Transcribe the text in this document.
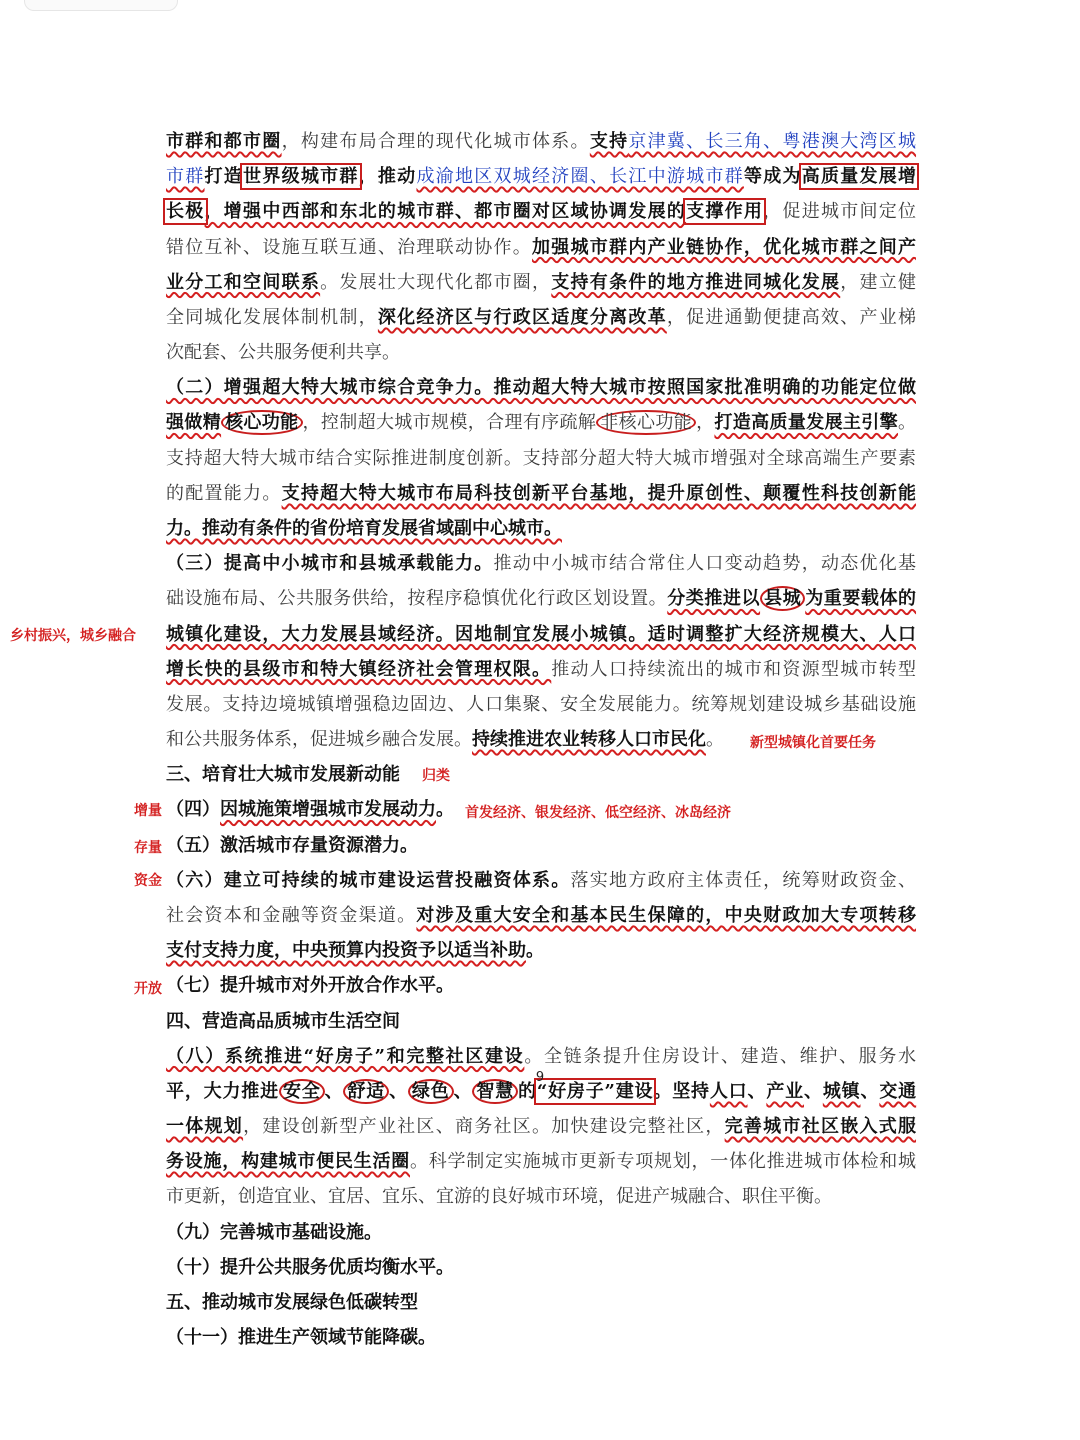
市群和都市圈，构建布局合理的现代化城市体系。支持京津冀、长三角、粤港澳大湾区城
市群打造世界级城市群，推动成渝地区双城经济圈、长江中游城市群等成为高质量发展增
长极，增强中西部和东北的城市群、都市圈对区域协调发展的支撑作用，促进城市间定位
错位互补、设施互联互通、治理联动协作。加强城市群内产业链协作，优化城市群之间产
业分工和空间联系。发展壮大现代化都市圈，支持有条件的地方推进同城化发展，建立健
全同城化发展体制机制，深化经济区与行政区适度分离改革，促进通勤便捷高效、产业梯
次配套、公共服务便利共享。
（二）增强超大特大城市综合竞争力。推动超大特大城市按照国家批准明确的功能定位做
强做精 核心功能 ，控制超大城市规模，合理有序疏解 非核心功能 ，打造高质量发展主引擎。
支持超大特大城市结合实际推进制度创新。支持部分超大特大城市增强对全球高端生产要素
的配置能力。支持超大特大城市布局科技创新平台基地，提升原创性、颠覆性科技创新能
力。推动有条件的省份培育发展省域副中心城市。
（三）提高中小城市和县城承载能力。推动中小城市结合常住人口变动趋势，动态优化基
础设施布局、公共服务供给，按程序稳慎优化行政区划设置。分类推进以 县城 为重要载体的
城镇化建设，大力发展县域经济。因地制宜发展小城镇。适时调整扩大经济规模大、人口
增长快的县级市和特大镇经济社会管理权限。推动人口持续流出的城市和资源型城市转型
发展。支持边境城镇增强稳边固边、人口集聚、安全发展能力。统筹规划建设城乡基础设施
和公共服务体系，促进城乡融合发展。持续推进农业转移人口市民化。
三、培育壮大城市发展新动能
（四）因城施策增强城市发展动力。
（五）激活城市存量资源潜力。
（六）建立可持续的城市建设运营投融资体系。落实地方政府主体责任，统筹财政资金、
社会资本和金融等资金渠道。对涉及重大安全和基本民生保障的，中央财政加大专项转移
支付支持力度，中央预算内投资予以适当补助。
（七）提升城市对外开放合作水平。
四、营造高品质城市生活空间
（八）系统推进“好房子”和完整社区建设。全链条提升住房设计、建造、维护、服务水
平，大力推进 安全 、 舒适 、 绿色 、 智慧 的“好房子”建设。坚持人口、产业、城镇、交通
一体规划，建设创新型产业社区、商务社区。加快建设完整社区，完善城市社区嵌入式服
务设施，构建城市便民生活圈。科学制定实施城市更新专项规划，一体化推进城市体检和城
市更新，创造宜业、宜居、宜乐、宜游的良好城市环境，促进产城融合、职住平衡。
（九）完善城市基础设施。
（十）提升公共服务优质均衡水平。
五、推动城市发展绿色低碳转型
（十一）推进生产领域节能降碳。
乡村振兴，城乡融合
新型城镇化首要任务
归类
增量	首发经济、银发经济、低空经济、冰岛经济
存量
资金
开放
9
